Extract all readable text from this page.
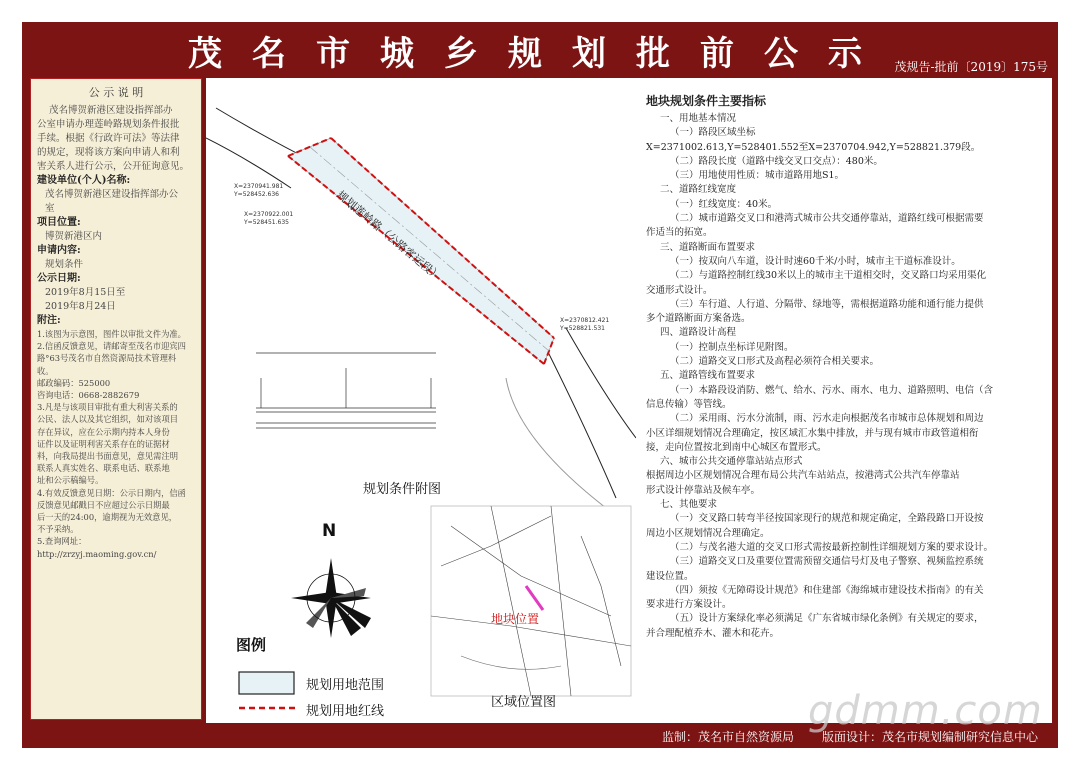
茂名市城乡规划批前公示 茂规告-批前〔2019〕175号
公 示 说 明
茂名博贺新港区建设指挥部办
公室申请办理莲岭路规划条件报批
手续。根据《行政许可法》等法律
的规定，现将该方案向申请人和利
害关系人进行公示，公开征询意见。
建设单位(个人)名称:
茂名博贺新港区建设指挥部办公
室
项目位置:
博贺新港区内
申请内容:
规划条件
公示日期:
2019年8月15日至
2019年8月24日
附注:
1.该图为示意图，图件以审批文件为准。
2.信函反馈意见，请邮寄至茂名市迎宾四
路°63号茂名市自然资源局技术管理科
收。
邮政编码：525000
咨询电话：0668-2882679
3.凡是与该项目审批有重大利害关系的
公民、法人以及其它组织，如对该项目
存在异议，应在公示期内持本人身份
证件以及证明利害关系存在的证据材
料，向我局提出书面意见，意见需注明
联系人真实姓名、联系电话、联系地
址和公示稿编号。
4.有效反馈意见日期：公示日期内，信函
反馈意见邮戳日不应超过公示日期最
后一天的24:00，逾期视为无效意见，
不予采纳。
5.查询网址：
http://zrzyj.maoming.gov.cn/
规划莲岭路（公路客运段）
X=2370941.981
Y=528452.636
X=2370922.001
Y=528451.635
X=2370812.421
Y=528821.531
规划条件附图
N
地块位置
区域位置图
图例
规划用地范围
规划用地红线
地块规划条件主要指标
一、用地基本情况
（一）路段区域坐标
X=2371002.613,Y=528401.552至X=2370704.942,Y=528821.379段。
（二）路段长度（道路中线交叉口交点）：480米。
（三）用地使用性质：城市道路用地S1。
二、道路红线宽度
（一）红线宽度：40米。
（二）城市道路交叉口和港湾式城市公共交通停靠站，道路红线可根据需要
作适当的拓宽。
三、道路断面布置要求
（一）按双向八车道，设计时速60千米/小时，城市主干道标准设计。
（二）与道路控制红线30米以上的城市主干道相交时，交叉路口均采用渠化
交通形式设计。
（三）车行道、人行道、分隔带、绿地等，需根据道路功能和通行能力提供
多个道路断面方案备选。
四、道路设计高程
（一）控制点坐标详见附图。
（二）道路交叉口形式及高程必须符合相关要求。
五、道路管线布置要求
（一）本路段设消防、燃气、给水、污水、雨水、电力、道路照明、电信（含
信息传输）等管线。
（二）采用雨、污水分流制，雨、污水走向根据茂名市城市总体规划和周边
小区详细规划情况合理确定，按区域汇水集中排放，并与现有城市市政管道相衔
接，走向位置按北到南中心城区布置形式。
六、城市公共交通停靠站站点形式
根据周边小区规划情况合理布局公共汽车站站点，按港湾式公共汽车停靠站
形式设计停靠站及候车亭。
七、其他要求
（一）交叉路口转弯半径按国家现行的规范和规定确定，全路段路口开设按
周边小区规划情况合理确定。
（二）与茂名港大道的交叉口形式需按最新控制性详细规划方案的要求设计。
（三）道路交叉口及重要位置需预留交通信号灯及电子警察、视频监控系统
建设位置。
（四）须按《无障碍设计规范》和住建部《海绵城市建设技术指南》的有关
要求进行方案设计。
（五）设计方案绿化率必须满足《广东省城市绿化条例》有关规定的要求，
并合理配植乔木、灌木和花卉。
监制：茂名市自然资源局 版面设计：茂名市规划编制研究信息中心
gdmm.com
